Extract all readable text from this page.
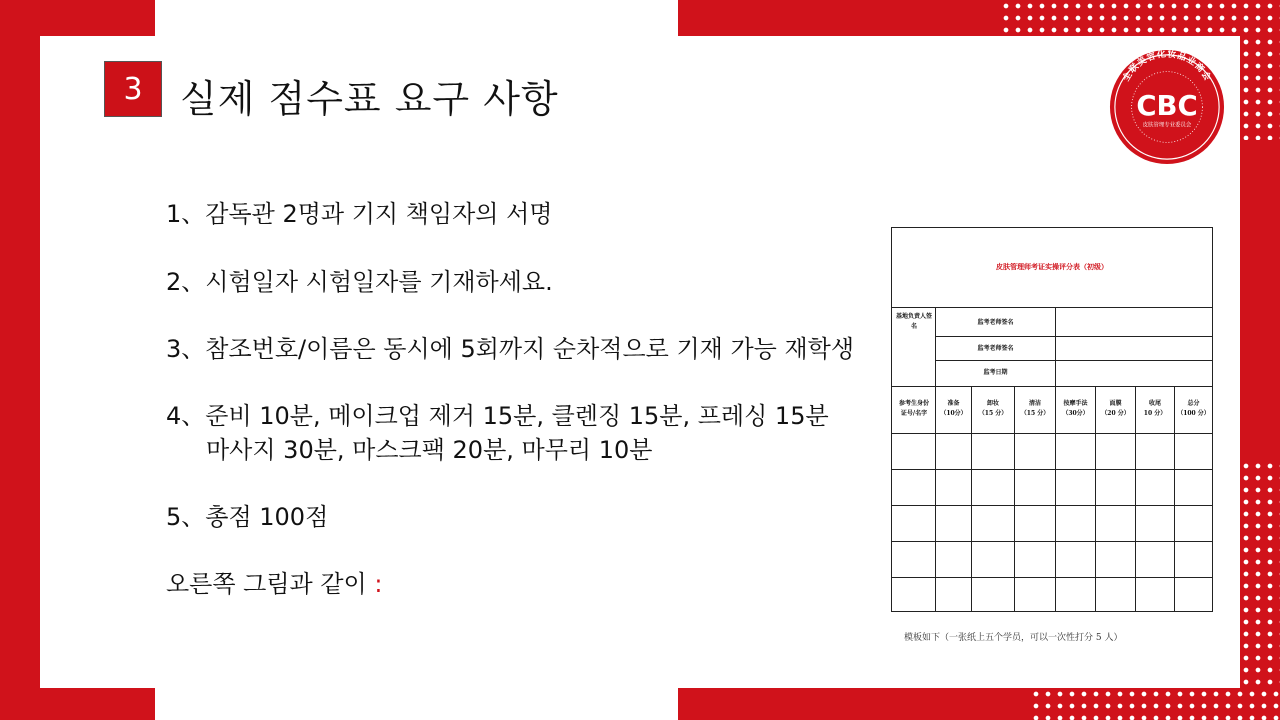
3 실제 점수표 요구 사항
全联美容化妆品业商会
CBC
皮肤管理专业委员会
1、감독관 2명과 기지 책임자의 서명
2、시험일자 시험일자를 기재하세요.
3、참조번호/이름은 동시에 5회까지 순차적으로 기재 가능 재학생
4、준비 10분, 메이크업 제거 15분, 클렌징 15분, 프레싱 15분
마사지 30분, 마스크팩 20분, 마무리 10분
5、총점 100점
오른쪽 그림과 같이 :
皮肤管理师考证实操评分表（初级）
基地负责人签名
监考老师签名
监考老师签名
监考日期
参考生身份
证号/名字
准备
（10分）
卸妆
（15 分）
清洁
（15 分）
按摩手法
（30分）
面膜
（20 分）
收尾
10 分）
总分
（100 分）
模板如下（一张纸上五个学员，可以一次性打分 5 人）
